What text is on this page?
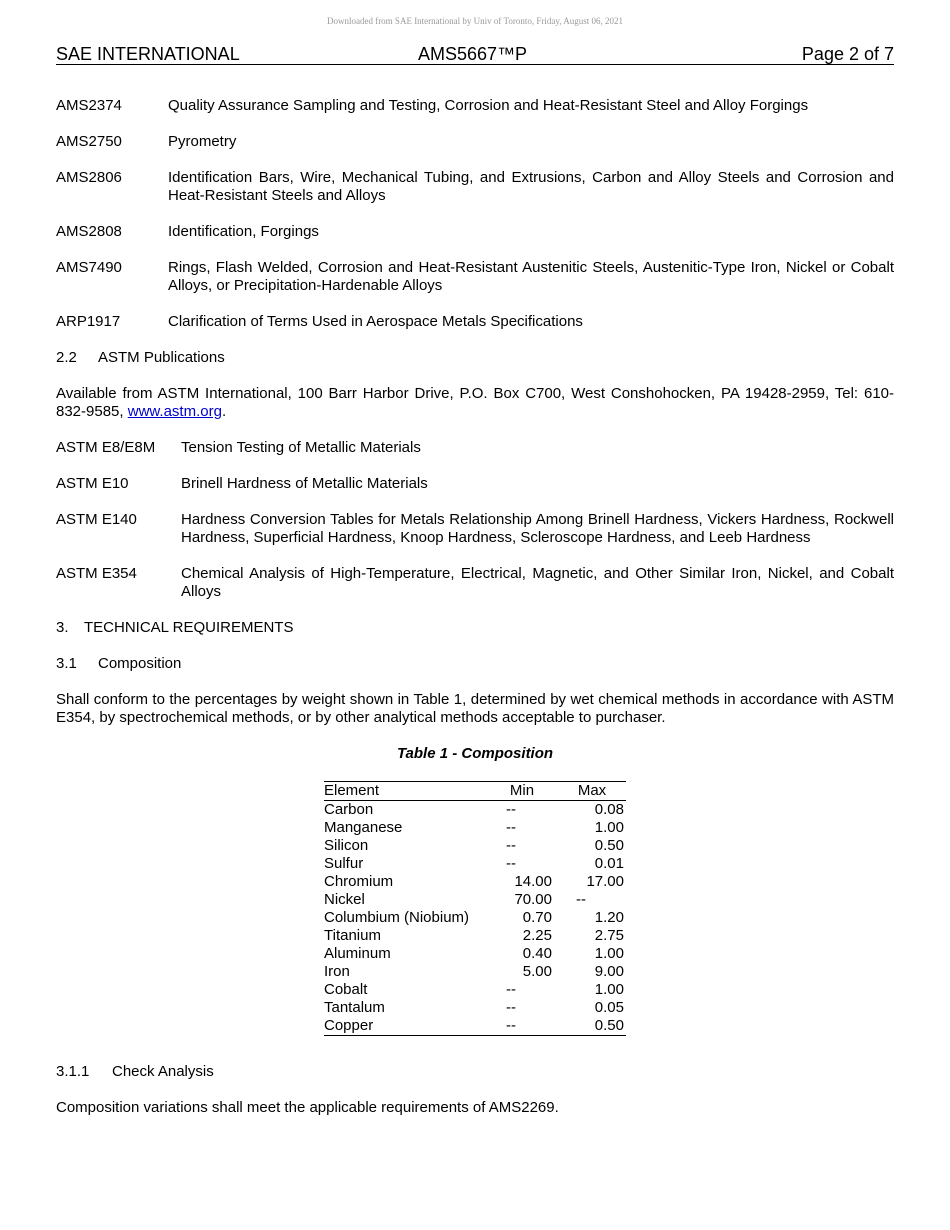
Downloaded from SAE International by Univ of Toronto, Friday, August 06, 2021
SAE INTERNATIONAL	AMS5667™P	Page 2 of 7
AMS2374	Quality Assurance Sampling and Testing, Corrosion and Heat-Resistant Steel and Alloy Forgings
AMS2750	Pyrometry
AMS2806	Identification Bars, Wire, Mechanical Tubing, and Extrusions, Carbon and Alloy Steels and Corrosion and Heat-Resistant Steels and Alloys
AMS2808	Identification, Forgings
AMS7490	Rings, Flash Welded, Corrosion and Heat-Resistant Austenitic Steels, Austenitic-Type Iron, Nickel or Cobalt Alloys, or Precipitation-Hardenable Alloys
ARP1917	Clarification of Terms Used in Aerospace Metals Specifications
2.2 ASTM Publications
Available from ASTM International, 100 Barr Harbor Drive, P.O. Box C700, West Conshohocken, PA 19428-2959, Tel: 610-832-9585, www.astm.org.
ASTM E8/E8M	Tension Testing of Metallic Materials
ASTM E10	Brinell Hardness of Metallic Materials
ASTM E140	Hardness Conversion Tables for Metals Relationship Among Brinell Hardness, Vickers Hardness, Rockwell Hardness, Superficial Hardness, Knoop Hardness, Scleroscope Hardness, and Leeb Hardness
ASTM E354	Chemical Analysis of High-Temperature, Electrical, Magnetic, and Other Similar Iron, Nickel, and Cobalt Alloys
3. TECHNICAL REQUIREMENTS
3.1 Composition
Shall conform to the percentages by weight shown in Table 1, determined by wet chemical methods in accordance with ASTM E354, by spectrochemical methods, or by other analytical methods acceptable to purchaser.
Table 1 - Composition
Element	Min	Max
Carbon	--	0.08
Manganese	--	1.00
Silicon	--	0.50
Sulfur	--	0.01
Chromium	14.00	17.00
Nickel	70.00	--
Columbium (Niobium)	0.70	1.20
Titanium	2.25	2.75
Aluminum	0.40	1.00
Iron	5.00	9.00
Cobalt	--	1.00
Tantalum	--	0.05
Copper	--	0.50
3.1.1 Check Analysis
Composition variations shall meet the applicable requirements of AMS2269.
